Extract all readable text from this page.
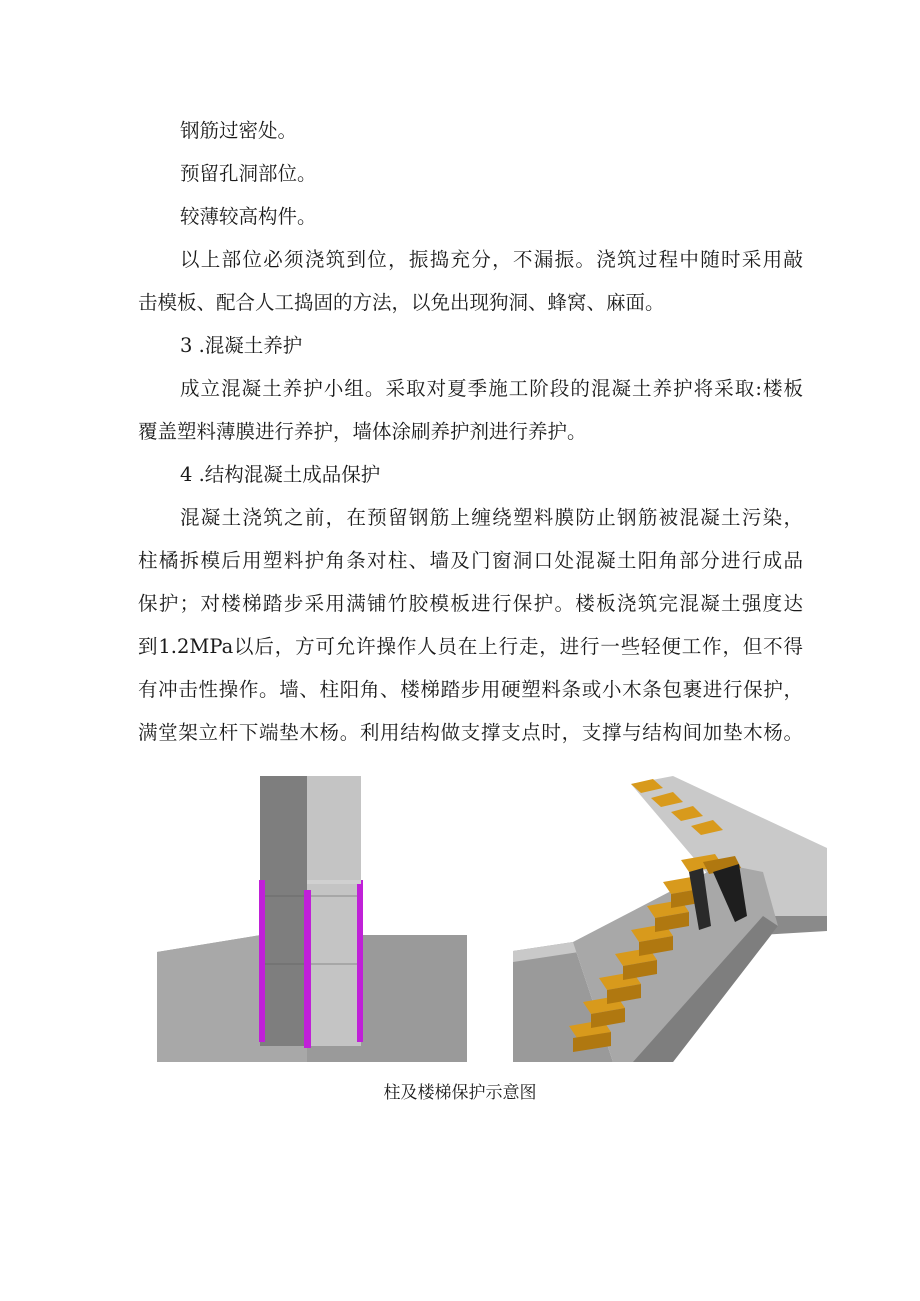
钢筋过密处。
预留孔洞部位。
较薄较高构件。
以上部位必须浇筑到位，振捣充分，不漏振。浇筑过程中随时采用敲
击模板、配合人工捣固的方法，以免出现狗洞、蜂窝、麻面。
3 .混凝土养护
成立混凝土养护小组。采取对夏季施工阶段的混凝土养护将采取:楼板
覆盖塑料薄膜进行养护，墙体涂刷养护剂进行养护。
4 .结构混凝土成品保护
混凝土浇筑之前，在预留钢筋上缠绕塑料膜防止钢筋被混凝土污染，
柱橘拆模后用塑料护角条对柱、墙及门窗洞口处混凝土阳角部分进行成品
保护；对楼梯踏步采用满铺竹胶模板进行保护。楼板浇筑完混凝土强度达
到1.2MPa以后，方可允许操作人员在上行走，进行一些轻便工作，但不得
有冲击性操作。墙、柱阳角、楼梯踏步用硬塑料条或小木条包裹进行保护，
满堂架立杆下端垫木杨。利用结构做支撑支点时，支撑与结构间加垫木杨。
柱及楼梯保护示意图
